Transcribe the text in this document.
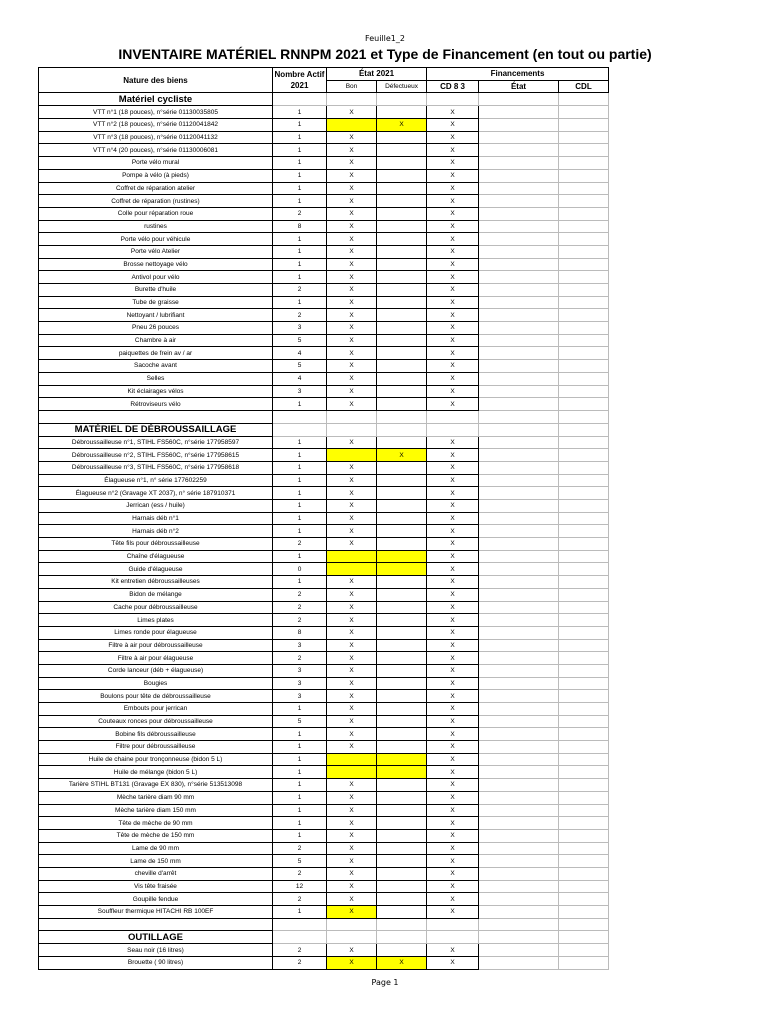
Feuille1_2
INVENTAIRE MATÉRIEL RNNPM 2021 et Type de Financement (en tout ou partie)
Nature des biens	Nombre Actif 2021	État 2021		Financements		
		Bon	Défectueux	CD 8 3	État	CDL
Matériel cycliste						
VTT n°1 (18 pouces), n°série 01130035805	1	X		X		
VTT n°2 (18 pouces), n°série 01120041842	1		X	X		
VTT n°3 (18 pouces), n°série 01120041132	1	X		X		
VTT n°4 (20 pouces), n°série 01130006081	1	X		X		
Porte vélo mural	1	X		X		
Pompe à vélo (à pieds)	1	X		X		
Coffret de réparation atelier	1	X		X		
Coffret de réparation (rustines)	1	X		X		
Colle pour réparation roue	2	X		X		
rustines	8	X		X		
Porte vélo pour véhicule	1	X		X		
Porte vélo Atelier	1	X		X		
Brosse nettoyage vélo	1	X		X		
Antivol pour vélo	1	X		X		
Burette d'huile	2	X		X		
Tube de graisse	1	X		X		
Nettoyant / lubrifiant	2	X		X		
Pneu 26 pouces	3	X		X		
Chambre à air	5	X		X		
paiquettes de frein av / ar	4	X		X		
Sacoche avant	5	X		X		
Selles	4	X		X		
Kit éclairages vélos	3	X		X		
Rétroviseurs vélo	1	X		X		

MATÉRIEL DE DÉBROUSSAILLAGE						
Débroussailleuse n°1, STIHL FS560C, n°série 177958597	1	X		X		
Débroussailleuse n°2, STIHL FS560C, n°série 177958615	1		X	X		
Débroussailleuse n°3, STIHL FS560C, n°série 177958618	1	X		X		
Élagueuse n°1, n° série 177602259	1	X		X		
Élagueuse n°2 (Gravage XT 2037), n° série 187910371	1	X		X		
Jerrican (ess / huile)	1	X		X		
Harnais déb n°1	1	X		X		
Harnais déb n°2	1	X		X		
Tête fils pour débroussailleuse	2	X		X		
Chaîne d'élagueuse	1			X		
Guide d'élagueuse	0			X		
Kit entretien débroussailleuses	1	X		X		
Bidon de mélange	2	X		X		
Cache pour débroussailleuse	2	X		X		
Limes plates	2	X		X		
Limes ronde pour élagueuse	8	X		X		
Filtre à air pour débroussailleuse	3	X		X		
Filtre à air pour élagueuse	2	X		X		
Corde lanceur (déb + élagueuse)	3	X		X		
Bougies	3	X		X		
Boulons pour tête de débroussailleuse	3	X		X		
Embouts pour jerrican	1	X		X		
Couteaux ronces pour débroussailleuse	5	X		X		
Bobine fils débroussailleuse	1	X		X		
Filtre pour débroussailleuse	1	X		X		
Huile de chaine pour tronçonneuse (bidon 5 L)	1			X		
Huile de mélange (bidon 5 L)	1			X		
Tarière STIHL BT131 (Gravage EX 830), n°série 513513098	1	X		X		
Mèche tarière diam 90 mm	1	X		X		
Mèche tarière diam 150 mm	1	X		X		
Tête de mèche de 90 mm	1	X		X		
Tête de mèche de 150 mm	1	X		X		
Lame de 90 mm	2	X		X		
Lame de 150 mm	5	X		X		
cheville d'arrêt	2	X		X		
Vis tête fraisée	12	X		X		
Goupille fendue	2	X		X		
Souffleur thermique HITACHI RB 100EF	1	X		X		

OUTILLAGE						
Seau noir (16 litres)	2	X		X		
Brouette ( 90 litres)	2	X	X	X		
Page 1
